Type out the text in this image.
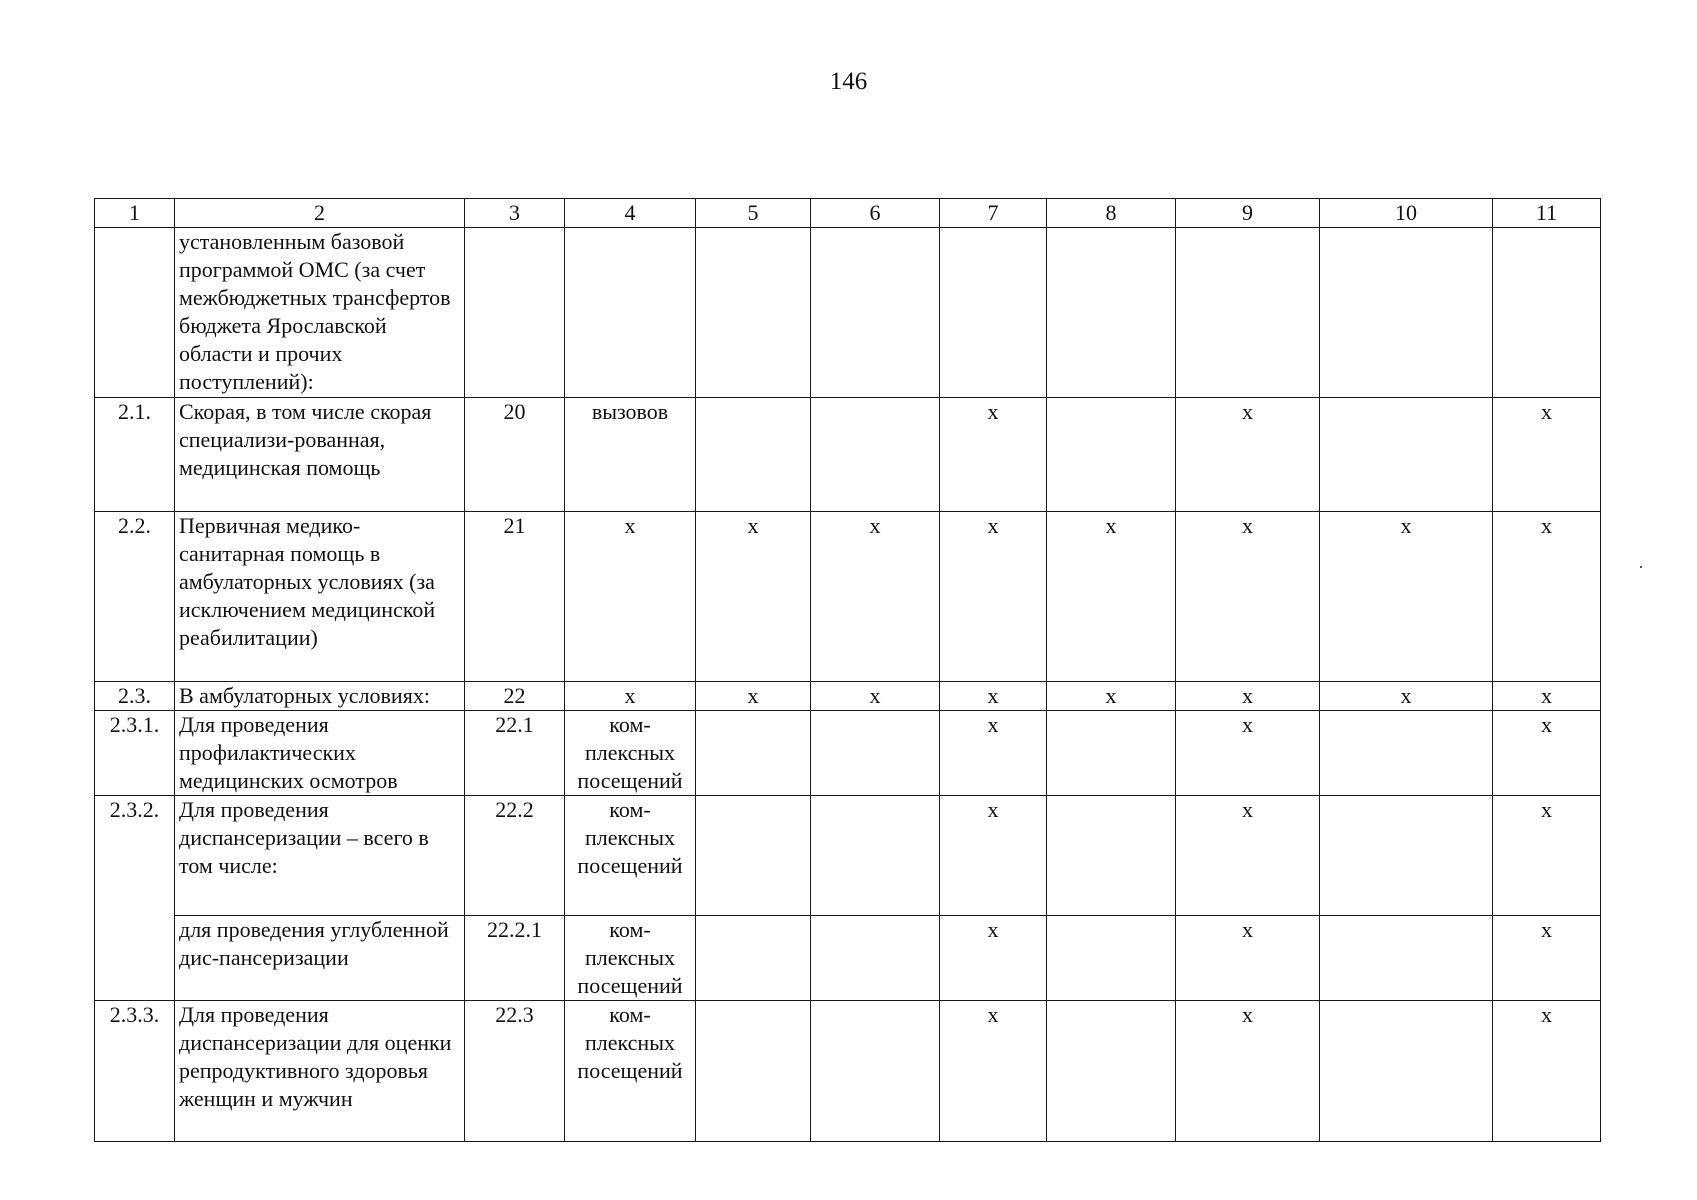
146
1	2	3	4	5	6	7	8	9	10	11
	установленным базовой программой ОМС (за счет межбюджетных трансфертов бюджета Ярославской области и прочих поступлений):									
2.1.	Скорая, в том числе скорая специализи-рованная, медицинская помощь	20	вызовов			х		х		х
2.2.	Первичная медико-санитарная помощь в амбулаторных условиях (за исключением медицинской реабилитации)	21	х	х	х	х	х	х	х	х
2.3.	В амбулаторных условиях:	22	х	х	х	х	х	х	х	х
2.3.1.	Для проведения профилактических медицинских осмотров	22.1	ком-плексных посещений			х		х		х
2.3.2.	Для проведения диспансеризации – всего в том числе:	22.2	ком-плексных посещений			х		х		х
	для проведения углубленной дис-пансеризации	22.2.1	ком-плексных посещений			х		х		х
2.3.3.	Для проведения диспансеризации для оценки репродуктивного здоровья женщин и мужчин	22.3	ком-плексных посещений			х		х		х
